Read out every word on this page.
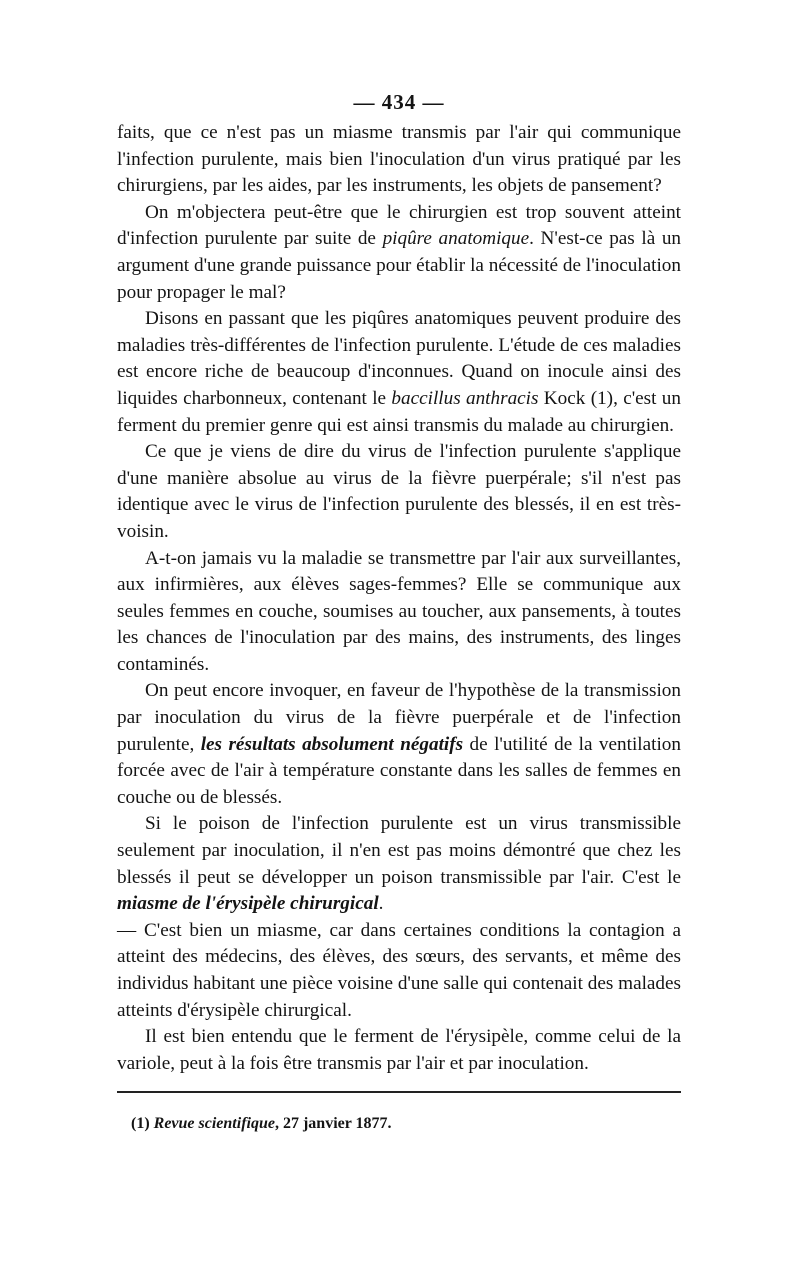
— 434 —

faits, que ce n'est pas un miasme transmis par l'air qui communique l'infection purulente, mais bien l'inoculation d'un virus pratiqué par les chirurgiens, par les aides, par les instruments, les objets de pansement?

On m'objectera peut-être que le chirurgien est trop souvent atteint d'infection purulente par suite de piqûre anatomique. N'est-ce pas là un argument d'une grande puissance pour établir la nécessité de l'inoculation pour propager le mal?

Disons en passant que les piqûres anatomiques peuvent produire des maladies très-différentes de l'infection purulente. L'étude de ces maladies est encore riche de beaucoup d'inconnues. Quand on inocule ainsi des liquides charbonneux, contenant le baccillus anthracis Kock (1), c'est un ferment du premier genre qui est ainsi transmis du malade au chirurgien.

Ce que je viens de dire du virus de l'infection purulente s'applique d'une manière absolue au virus de la fièvre puerpérale; s'il n'est pas identique avec le virus de l'infection purulente des blessés, il en est très-voisin.

A-t-on jamais vu la maladie se transmettre par l'air aux surveillantes, aux infirmières, aux élèves sages-femmes? Elle se communique aux seules femmes en couche, soumises au toucher, aux pansements, à toutes les chances de l'inoculation par des mains, des instruments, des linges contaminés.

On peut encore invoquer, en faveur de l'hypothèse de la transmission par inoculation du virus de la fièvre puerpérale et de l'infection purulente, les résultats absolument négatifs de l'utilité de la ventilation forcée avec de l'air à température constante dans les salles de femmes en couche ou de blessés.

Si le poison de l'infection purulente est un virus transmissible seulement par inoculation, il n'en est pas moins démontré que chez les blessés il peut se développer un poison transmissible par l'air. C'est le miasme de l'érysipèle chirurgical.

— C'est bien un miasme, car dans certaines conditions la contagion a atteint des médecins, des élèves, des sœurs, des servants, et même des individus habitant une pièce voisine d'une salle qui contenait des malades atteints d'érysipèle chirurgical.

Il est bien entendu que le ferment de l'érysipèle, comme celui de la variole, peut à la fois être transmis par l'air et par inoculation.

(1) Revue scientifique, 27 janvier 1877.
